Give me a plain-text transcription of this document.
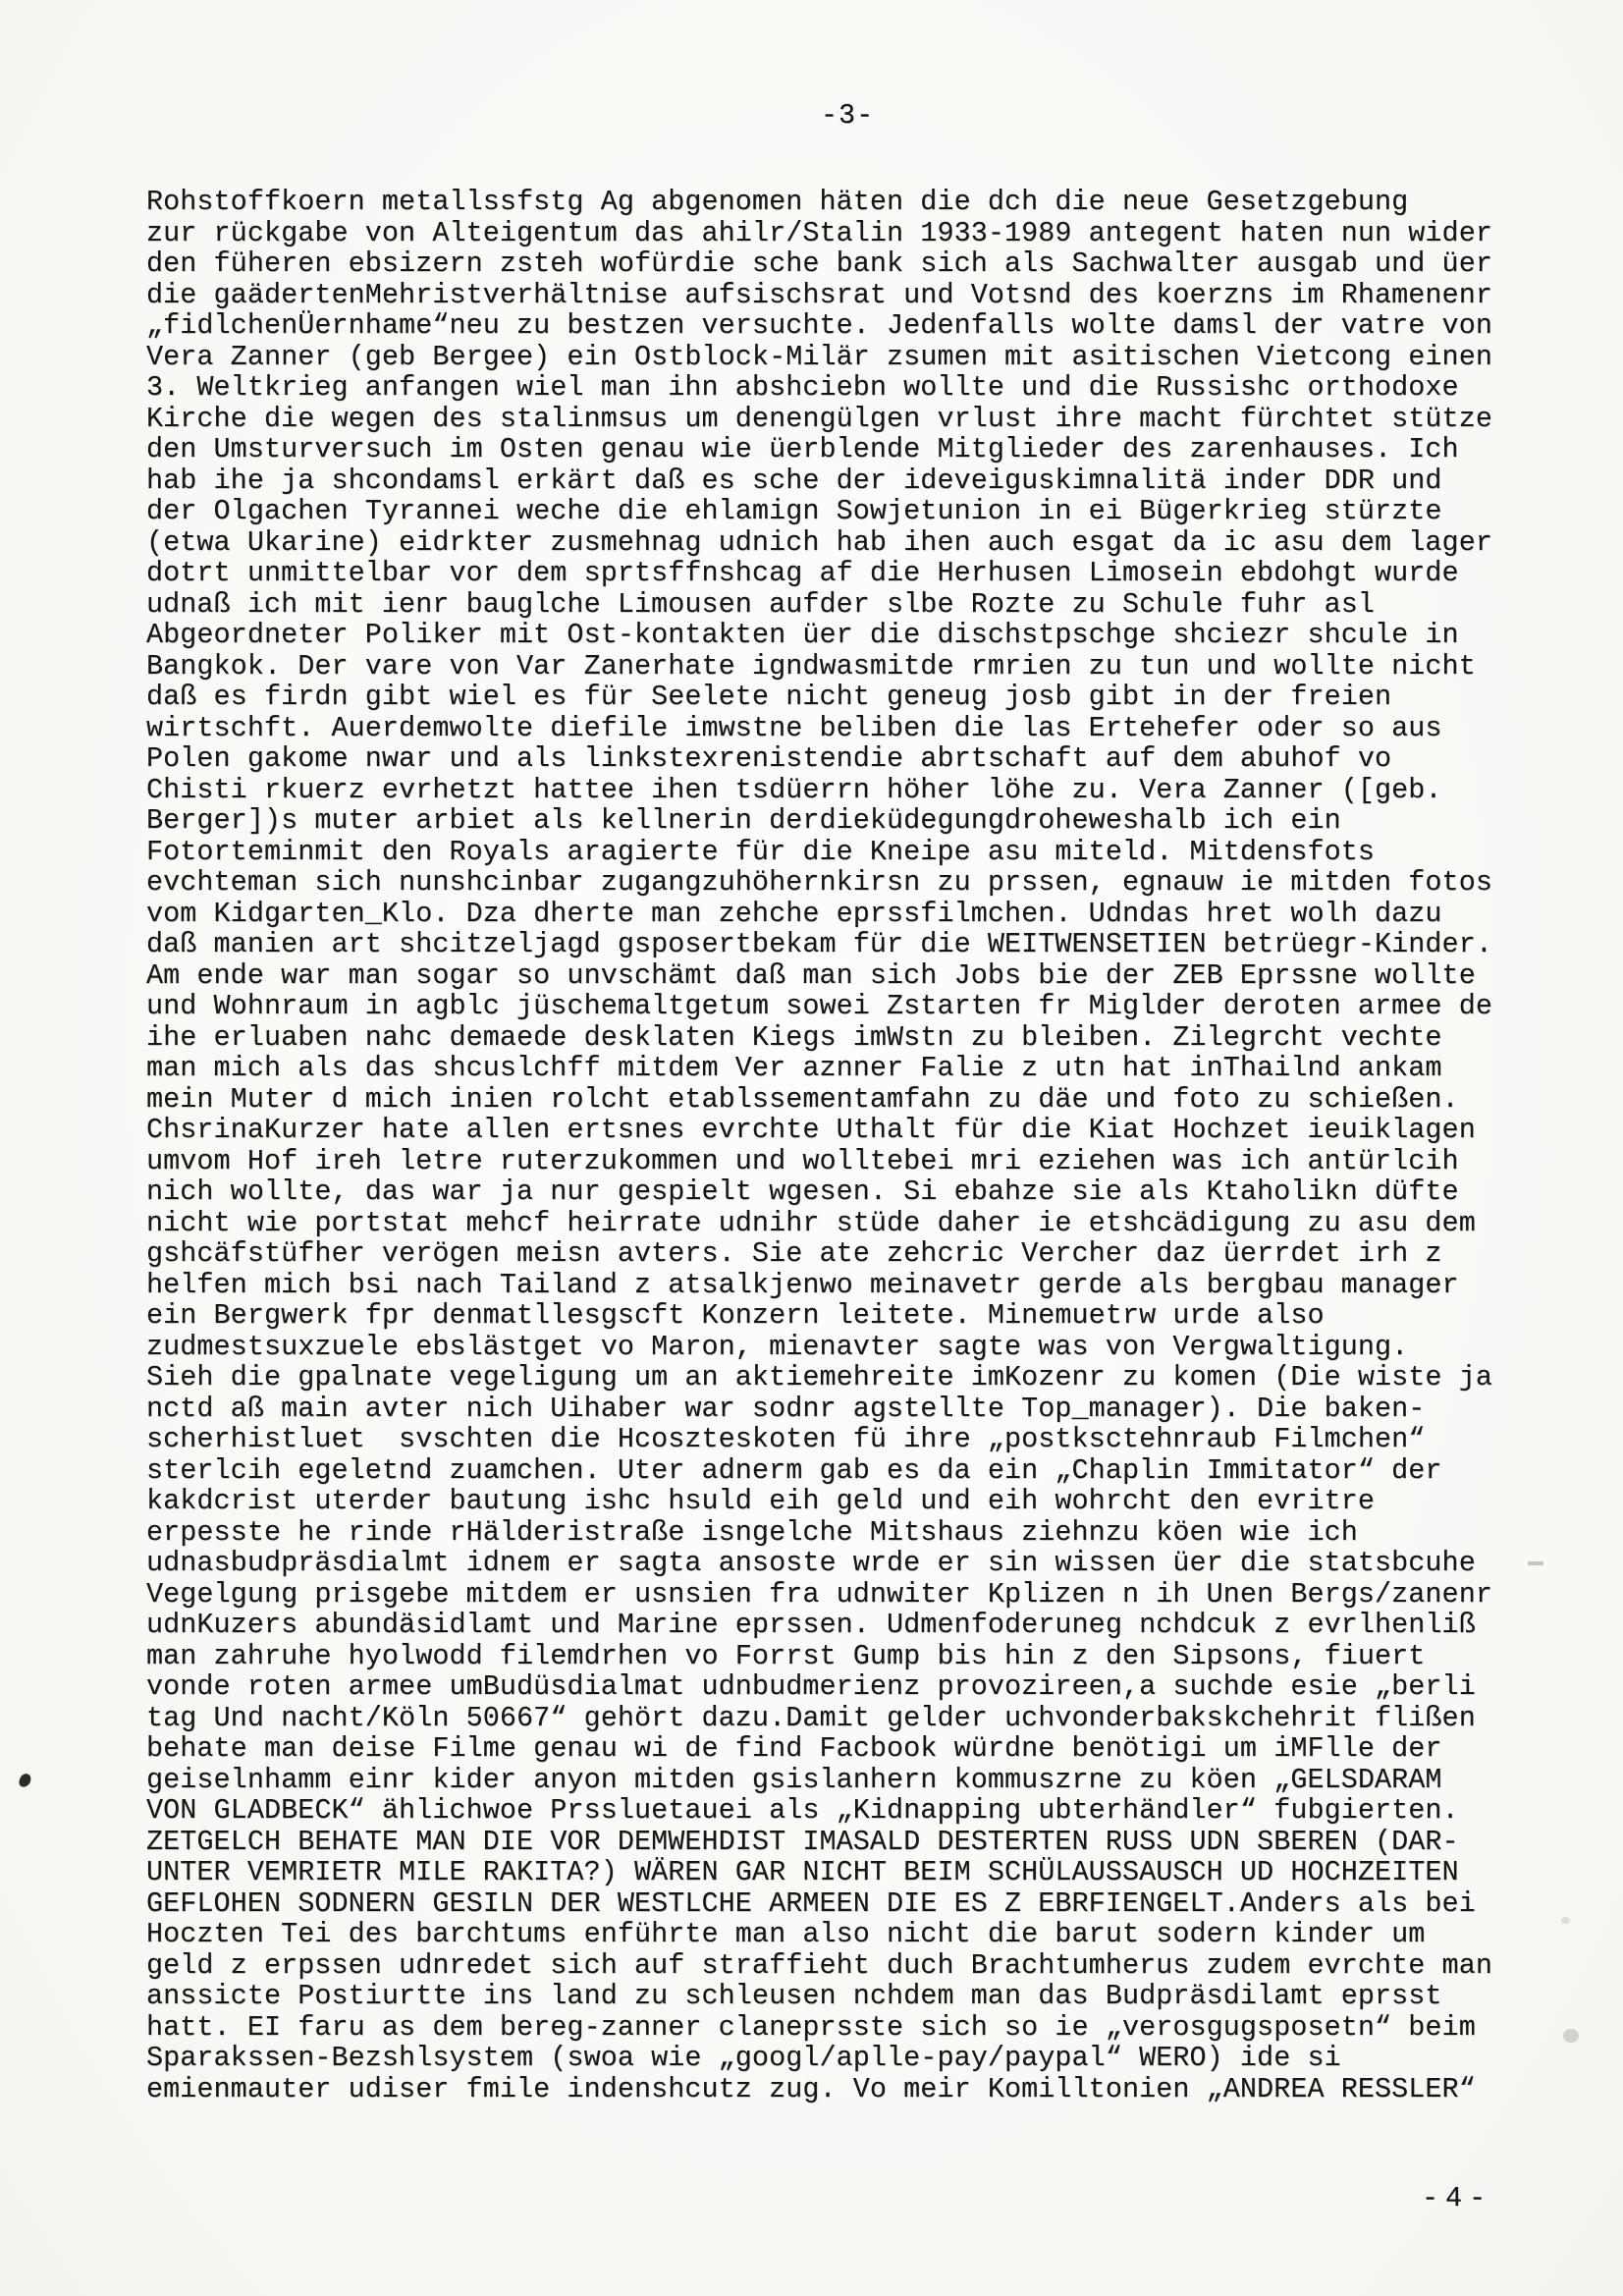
-3-
Rohstoffkoern metallssfstg Ag abgenomen häten die dch die neue Gesetzgebung
zur rückgabe von Alteigentum das ahilr/Stalin 1933-1989 antegent haten nun wider
den füheren ebsizern zsteh wofürdie sche bank sich als Sachwalter ausgab und üer
die gaädertenMehristverhältnise aufsischsrat und Votsnd des koerzns im Rhamenenr
„fidlchenÜernhame“neu zu bestzen versuchte. Jedenfalls wolte damsl der vatre von
Vera Zanner (geb Bergee) ein Ostblock-Milär zsumen mit asitischen Vietcong einen
3. Weltkrieg anfangen wiel man ihn abshciebn wollte und die Russishc orthodoxe
Kirche die wegen des stalinmsus um denengülgen vrlust ihre macht fürchtet stütze
den Umsturversuch im Osten genau wie üerblende Mitglieder des zarenhauses. Ich
hab ihe ja shcondamsl erkärt daß es sche der ideveiguskimnalitä inder DDR und
der Olgachen Tyrannei weche die ehlamign Sowjetunion in ei Bügerkrieg stürzte
(etwa Ukarine) eidrkter zusmehnag udnich hab ihen auch esgat da ic asu dem lager
dotrt unmittelbar vor dem sprtsffnshcag af die Herhusen Limosein ebdohgt wurde
udnaß ich mit ienr bauglche Limousen aufder slbe Rozte zu Schule fuhr asl
Abgeordneter Poliker mit Ost-kontakten üer die dischstpschge shciezr shcule in
Bangkok. Der vare von Var Zanerhate igndwasmitde rmrien zu tun und wollte nicht
daß es firdn gibt wiel es für Seelete nicht geneug josb gibt in der freien
wirtschft. Auerdemwolte diefile imwstne beliben die las Ertehefer oder so aus
Polen gakome nwar und als linkstexrenistendie abrtschaft auf dem abuhof vo
Chisti rkuerz evrhetzt hattee ihen tsdüerrn höher löhe zu. Vera Zanner ([geb.
Berger])s muter arbiet als kellnerin derdieküdegungdroheweshalb ich ein
Fotorteminmit den Royals aragierte für die Kneipe asu miteld. Mitdensfots
evchteman sich nunshcinbar zugangzuhöhernkirsn zu prssen, egnauw ie mitden fotos
vom Kidgarten_Klo. Dza dherte man zehche eprssfilmchen. Udndas hret wolh dazu
daß manien art shcitzeljagd gsposertbekam für die WEITWENSETIEN betrüegr-Kinder.
Am ende war man sogar so unvschämt daß man sich Jobs bie der ZEB Eprssne wollte
und Wohnraum in agblc jüschemaltgetum sowei Zstarten fr Miglder deroten armee de
ihe erluaben nahc demaede desklaten Kiegs imWstn zu bleiben. Zilegrcht vechte
man mich als das shcuslchff mitdem Ver aznner Falie z utn hat inThailnd ankam
mein Muter d mich inien rolcht etablssementamfahn zu däe und foto zu schießen.
ChsrinaKurzer hate allen ertsnes evrchte Uthalt für die Kiat Hochzet ieuiklagen
umvom Hof ireh letre ruterzukommen und wolltebei mri eziehen was ich antürlcih
nich wollte, das war ja nur gespielt wgesen. Si ebahze sie als Ktaholikn düfte
nicht wie portstat mehcf heirrate udnihr stüde daher ie etshcädigung zu asu dem
gshcäfstüfher verögen meisn avters. Sie ate zehcric Vercher daz üerrdet irh z
helfen mich bsi nach Tailand z atsalkjenwo meinavetr gerde als bergbau manager
ein Bergwerk fpr denmatllesgscft Konzern leitete. Minemuetrw urde also
zudmestsuxzuele ebslästget vo Maron, mienavter sagte was von Vergwaltigung.
Sieh die gpalnate vegeligung um an aktiemehreite imKozenr zu komen (Die wiste ja
nctd aß main avter nich Uihaber war sodnr agstellte Top_manager). Die baken-
scherhistluet  svschten die Hcoszteskoten fü ihre „postksctehnraub Filmchen“
sterlcih egeletnd zuamchen. Uter adnerm gab es da ein „Chaplin Immitator“ der
kakdcrist uterder bautung ishc hsuld eih geld und eih wohrcht den evritre
erpesste he rinde rHälderistraße isngelche Mitshaus ziehnzu köen wie ich
udnasbudpräsdialmt idnem er sagta ansoste wrde er sin wissen üer die statsbcuhe
Vegelgung prisgebe mitdem er usnsien fra udnwiter Kplizen n ih Unen Bergs/zanenr
udnKuzers abundäsidlamt und Marine eprssen. Udmenfoderuneg nchdcuk z evrlhenliß
man zahruhe hyolwodd filemdrhen vo Forrst Gump bis hin z den Sipsons, fiuert
vonde roten armee umBudüsdialmat udnbudmerienz provozireen,a suchde esie „berli
tag Und nacht/Köln 50667“ gehört dazu.Damit gelder uchvonderbakskchehrit flißen
behate man deise Filme genau wi de find Facbook würdne benötigi um iMFlle der
geiselnhamm einr kider anyon mitden gsislanhern kommuszrne zu köen „GELSDARAM
VON GLADBECK“ ählichwoe Prssluetauei als „Kidnapping ubterhändler“ fubgierten.
ZETGELCH BEHATE MAN DIE VOR DEMWEHDIST IMASALD DESTERTEN RUSS UDN SBEREN (DAR-
UNTER VEMRIETR MILE RAKITA?) WÄREN GAR NICHT BEIM SCHÜLAUSSAUSCH UD HOCHZEITEN
GEFLOHEN SODNERN GESILN DER WESTLCHE ARMEEN DIE ES Z EBRFIENGELT.Anders als bei
Hoczten Tei des barchtums enführte man also nicht die barut sodern kinder um
geld z erpssen udnredet sich auf straffieht duch Brachtumherus zudem evrchte man
anssicte Postiurtte ins land zu schleusen nchdem man das Budpräsdilamt eprsst
hatt. EI faru as dem bereg-zanner claneprsste sich so ie „verosgugsposetn“ beim
Sparakssen-Bezshlsystem (swoa wie „googl/aplle-pay/paypal“ WERO) ide si
emienmauter udiser fmile indenshcutz zug. Vo meir Komilltonien „ANDREA RESSLER“
-4-
